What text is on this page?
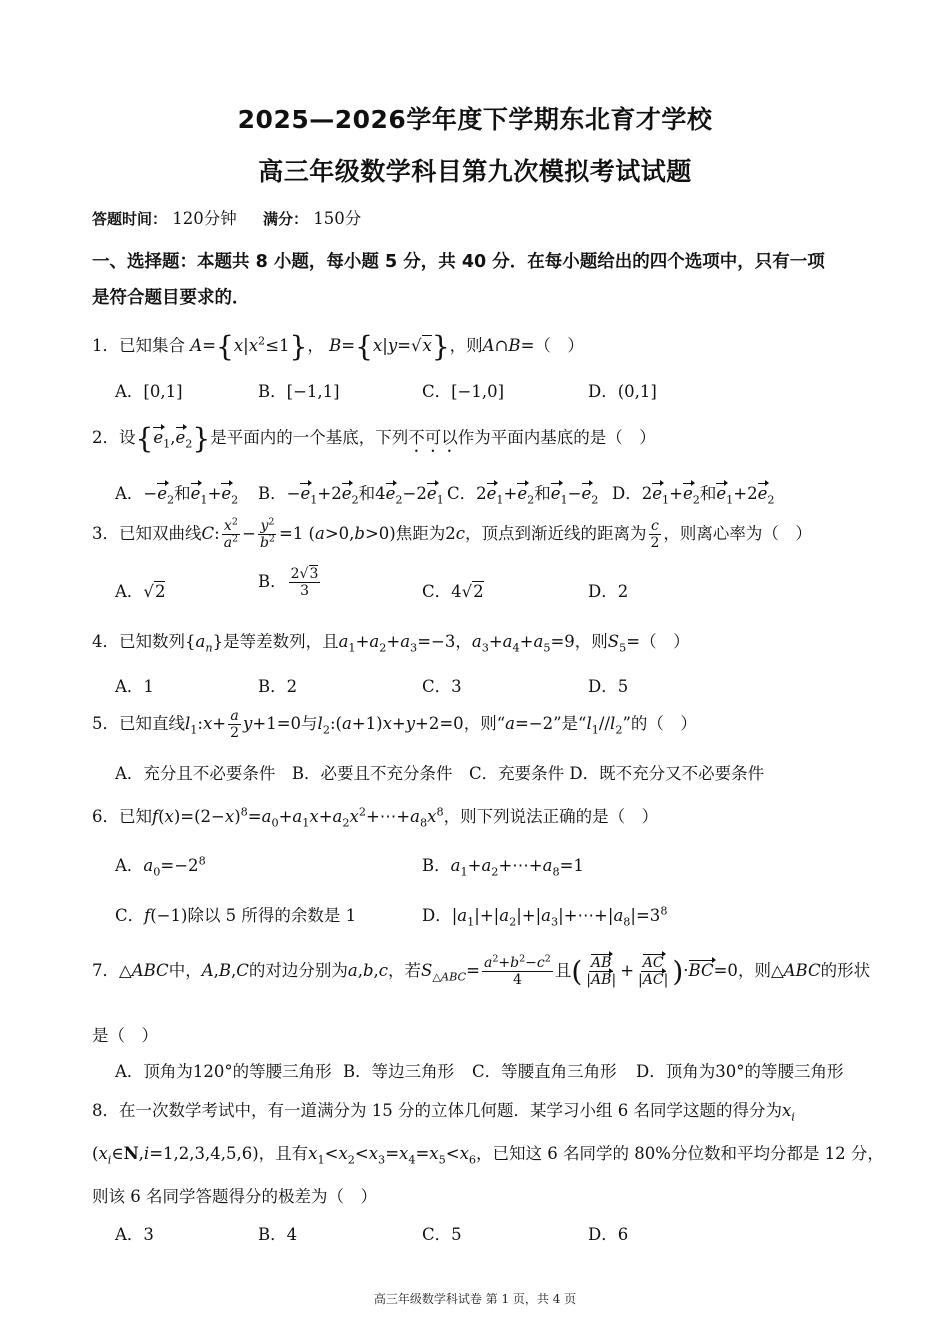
2025—2026学年度下学期东北育才学校
高三年级数学科目第九次模拟考试试题
答题时间： 120分钟 满分： 150分
一、选择题：本题共 8 小题，每小题 5 分，共 40 分．在每小题给出的四个选项中，只有一项
是符合题目要求的．
1．已知集合 $A=\{x|x^2\le 1\}$， B={x|y=√x}，则A∩B=（　）
A．[0,1]	B．[−1,1]	C．[−1,0]	D．(0,1]
2．设$\{e_1,e_2\}$是平面内的一个基底，下列不可以作为平面内基底的是（　）
A．$-e_2$和$e_1+e_2$ B．$-e_1+2e_2$和$4e_2-2e_1$ C．$2e_1+e_2$和$e_1-e_2$ D．$2e_1+e_2$和$e_1+2e_2$
3．已知双曲线C: $\frac{x^2}{a^2} - \frac{y^2}{b^2} =1$ (a>0,b>0)焦距为2c，顶点到渐近线的距离为 $\frac{c}{2}$ ，则离心率为（　）
A．√2
B． $\frac{2√3}{3}$	C．4√2	D．2
4．已知数列$\{a_n\}$是等差数列，且$a_1+a_2+a_3=-3$，$a_3+a_4+a_5=9$，则$S_5=$（　）
A．1	B．2	C．3	D．5
5．已知直线$l_1:x+ \frac{a}{2} y+1=0$与$l_2:(a+1)x+y+2=0$，则“a=−2”是“$l_1//l_2$”的（　）
A．充分且不必要条件　B．必要且不充分条件　C．充要条件 D．既不充分又不必要条件
6．已知$f(x)=(2-x)^8=a_0+a_1x+a_2x^2+\cdots+a_8x^8$，则下列说法正确的是（　）
A．$a_0=-2^8$	B．$a_1+a_2+\cdots+a_8=1$
C．f(−1)除以 5 所得的余数是 1	D．$|a_1|+|a_2|+|a_3|+\cdots+|a_8|=3^8$
7．△ABC中，A,B,C的对边分别为a,b,c，若$S_{\triangle ABC}= \frac{a^2+b^2-c^2}{4}$ 且( $\frac{AB}{|AB|} + \frac{AC}{|AC|} )\cdot BC=0$，则△ABC的形状
是（　）
A．顶角为120°的等腰三角形 B．等边三角形 C．等腰直角三角形 D．顶角为30°的等腰三角形
8．在一次数学考试中，有一道满分为 15 分的立体几何题．某学习小组 6 名同学这题的得分为$x_i$
$(x_i\in N,i=1,2,3,4,5,6)$，且有$x_1<x_2<x_3=x_4=x_5<x_6$，已知这 6 名同学的 80%分位数和平均分都是 12 分，
则该 6 名同学答题得分的极差为（　）
A．3	B．4	C．5	D．6
高三年级数学科试卷 第 1 页，共 4 页
